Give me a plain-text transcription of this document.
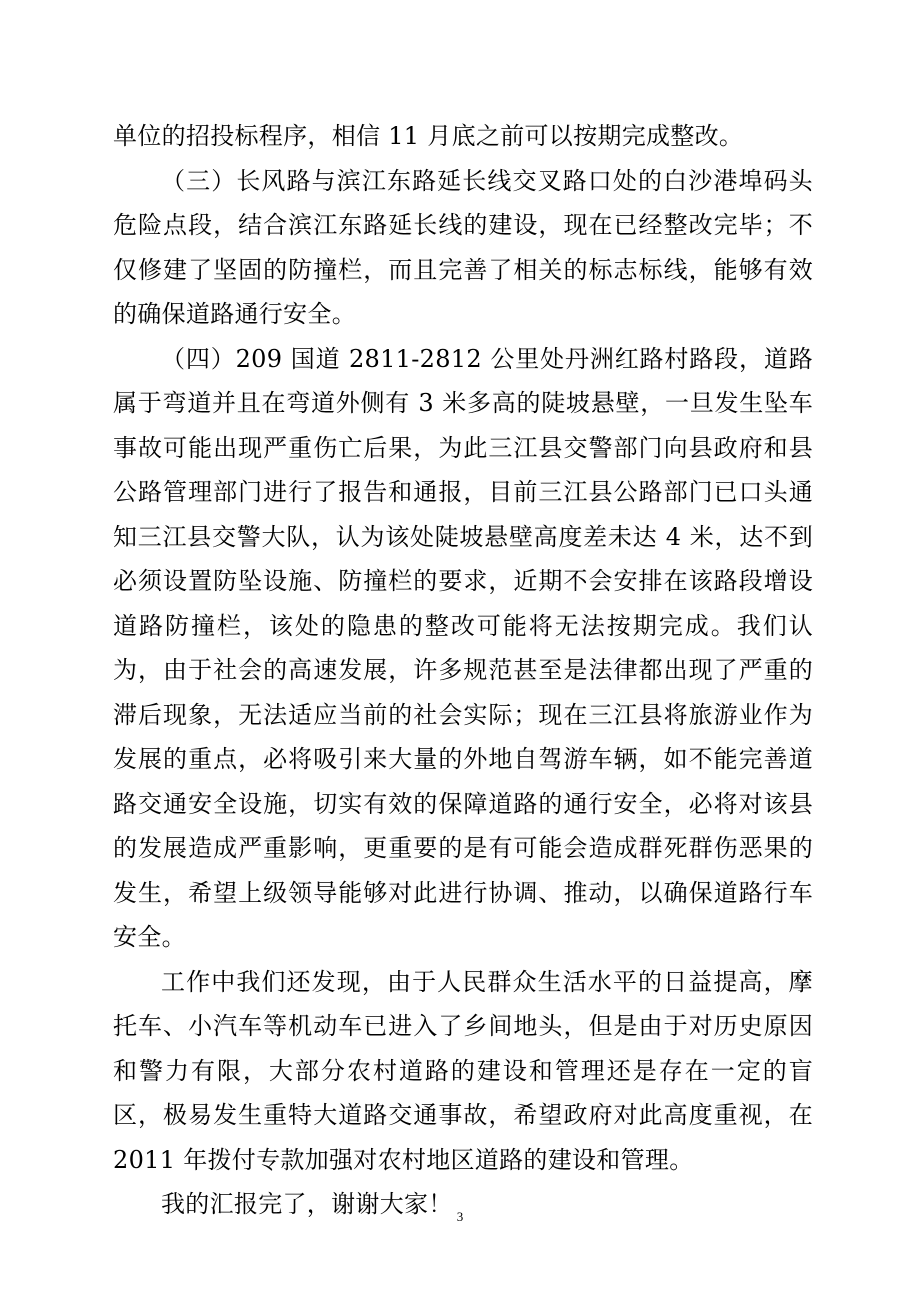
单位的招投标程序，相信 11 月底之前可以按期完成整改。

（三）长风路与滨江东路延长线交叉路口处的白沙港埠码头危险点段，结合滨江东路延长线的建设，现在已经整改完毕；不仅修建了坚固的防撞栏，而且完善了相关的标志标线，能够有效的确保道路通行安全。

（四）209 国道 2811-2812 公里处丹洲红路村路段，道路属于弯道并且在弯道外侧有 3 米多高的陡坡悬壁，一旦发生坠车事故可能出现严重伤亡后果，为此三江县交警部门向县政府和县公路管理部门进行了报告和通报，目前三江县公路部门已口头通知三江县交警大队，认为该处陡坡悬壁高度差未达 4 米，达不到必须设置防坠设施、防撞栏的要求，近期不会安排在该路段增设道路防撞栏，该处的隐患的整改可能将无法按期完成。我们认为，由于社会的高速发展，许多规范甚至是法律都出现了严重的滞后现象，无法适应当前的社会实际；现在三江县将旅游业作为发展的重点，必将吸引来大量的外地自驾游车辆，如不能完善道路交通安全设施，切实有效的保障道路的通行安全，必将对该县的发展造成严重影响，更重要的是有可能会造成群死群伤恶果的发生，希望上级领导能够对此进行协调、推动，以确保道路行车安全。

工作中我们还发现，由于人民群众生活水平的日益提高，摩托车、小汽车等机动车已进入了乡间地头，但是由于对历史原因和警力有限，大部分农村道路的建设和管理还是存在一定的盲区，极易发生重特大道路交通事故，希望政府对此高度重视，在 2011 年拨付专款加强对农村地区道路的建设和管理。

我的汇报完了，谢谢大家！ 3
